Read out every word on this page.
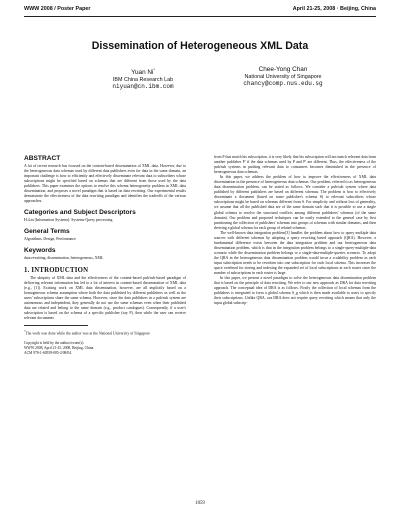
WWW 2008 / Poster Paper	April 21-25, 2008 · Beijing, China
Dissemination of Heterogeneous XML Data
Yuan Ni*
IBM China Research Lab
niyuan@cn.ibm.com
Chee-Yong Chan
National University of Singapore
chancy@comp.nus.edu.sg
ABSTRACT
A lot of recent research has focused on the content-based dissemination of XML data. However, due to the heterogeneous data schemas used by different data publishers even for data in the same domain, an important challenge is how to efficiently and effectively disseminate relevant data to subscribers whose subscriptions might be specified based on schemas that are different from those used by the data publishers. This paper examines the options to resolve this schema heterogeneity problem in XML data dissemination, and proposes a novel paradigm that is based on data rewriting. Our experimental results demonstrate the effectiveness of the data rewriting paradigm and identifies the tradeoffs of the various approaches.
Categories and Subject Descriptors
H.4.m [Information Systems]: Systems-Query processing
General Terms
Algorithms, Design, Performance
Keywords
data rewriting, dissemination, heterogeneous, XML
1. INTRODUCTION
The ubiquity of XML data and the effectiveness of the content-based pub/sub-based paradigm of delivering relevant information has led to a lot of interest in content-based dissemination of XML data (e.g., [1]). Existing work on XML data dissemination, however, are all implicitly based on a homogeneous schema assumption where both the data published by different publishers as well as the users' subscriptions share the same schema. However, since the data publishers in a pub/sub system are autonomous and independent, they generally do not use the same schemas even when their published data are related and belong to the same domain (e.g., product catalogues). Consequently, if a user's subscription is based on the schema of a specific publisher (say P), then while the user can receive relevant documents
*The work was done while the author was at the National University of Singapore
Copyright is held by the author/owner(s).
WWW 2008, April 21-25, 2008, Beijing, China.
ACM 978-1-60558-085-2/08/04.
from P that match his subscription, it is very likely that his subscription will not match relevant data from another publisher P' if the data schemas used by P and P' are different. Thus, the effectiveness of the pub/sub systems in pushing relevant data to consumers becomes diminished in the presence of heterogeneous data schemas.
In this paper, we address the problem of how to improve the effectiveness of XML data dissemination in the presence of heterogeneous data schemas. Our problem, referred to as heterogeneous data dissemination problem, can be stated as follows. We consider a pub/sub system where data published by different publishers are based on different schemas. The problem is how to effectively disseminate a document (based on some publisher's schema S) to relevant subscribers whose subscriptions might be based on schemas different from S. For simplicity and without loss of generality, we assume that all the published data are of the same domain such that it is possible to use a single global schema to resolve the structural conflicts among different publishers' schemas (of the same domain). Our problem and proposed techniques can be easily extended to the general case by first partitioning the collection of publishers' schemas into groups of schemas with similar domains, and then deriving a global schema for each group of related schemas.
The well-known data integration problem[3] handles the problem about how to query multiple data sources with different schemas by adopting a query rewriting based approach (QRA). However, a fundamental difference exists between the data integration problem and our heterogeneous data dissemination problem, which is that in the integration problem belongs to a single-query-multiple-data scenario while the dissemination problem belongs to a single-data-multiple-queries scenario. To adopt the QRA in the heterogeneous data dissemination problem would incur a scalability problem as each input subscription needs to be rewritten into one subscription for each local schema. This increases the space overhead for storing and indexing the expanded set of local subscriptions at each router since the number of subscriptions in each router is large.
In this paper, we present a novel paradigm to solve the heterogeneous data dissemination problem that is based on the principle of data rewriting. We refer to our new approach as DRA for data rewriting approach. The conceptual idea of DRA is as follows. Firstly the collection of local schemas from the publishers is integrated to form a global schema S_g which is then made available to users to specify their subscriptions. Unlike QRA, our DRA does not require query rewriting which means that only the input global subscrip-
1059
